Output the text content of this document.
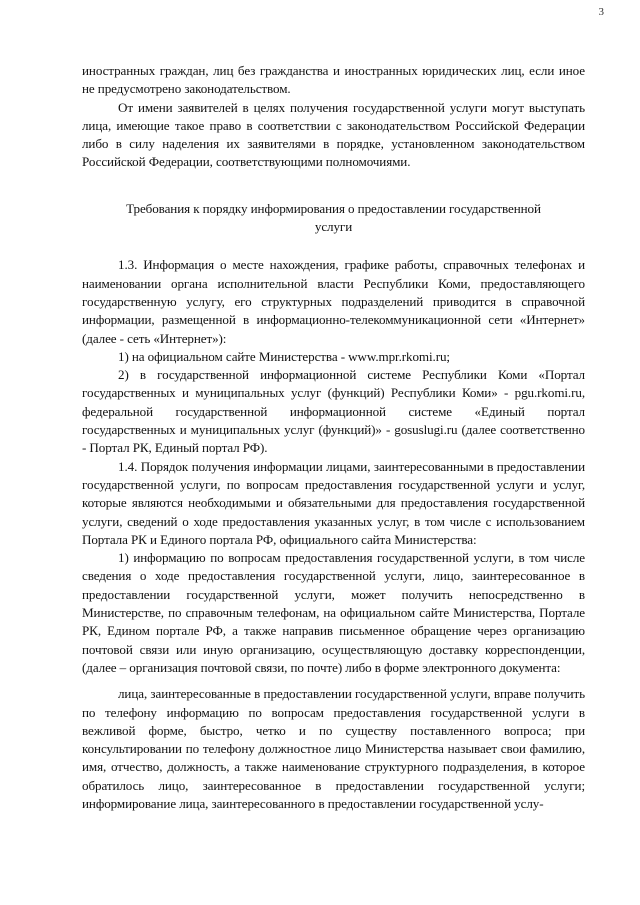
3

иностранных граждан, лиц без гражданства и иностранных юридических лиц, если иное не предусмотрено законодательством.

От имени заявителей в целях получения государственной услуги могут выступать лица, имеющие такое право в соответствии с законодательством Российской Федерации либо в силу наделения их заявителями в порядке, установленном законодательством Российской Федерации, соответствующими полномочиями.

Требования к порядку информирования о предоставлении государственной услуги

1.3. Информация о месте нахождения, графике работы, справочных телефонах и наименовании органа исполнительной власти Республики Коми, предоставляющего государственную услугу, его структурных подразделений приводится в справочной информации, размещенной в информационно-телекоммуникационной сети «Интернет» (далее - сеть «Интернет»):

1) на официальном сайте Министерства - www.mpr.rkomi.ru;

2) в государственной информационной системе Республики Коми «Портал государственных и муниципальных услуг (функций) Республики Коми» - pgu.rkomi.ru, федеральной государственной информационной системе «Единый портал государственных и муниципальных услуг (функций)» - gosuslugi.ru (далее соответственно - Портал РК, Единый портал РФ).

1.4. Порядок получения информации лицами, заинтересованными в предоставлении государственной услуги, по вопросам предоставления государственной услуги и услуг, которые являются необходимыми и обязательными для предоставления государственной услуги, сведений о ходе предоставления указанных услуг, в том числе с использованием Портала РК и Единого портала РФ, официального сайта Министерства:

1) информацию по вопросам предоставления государственной услуги, в том числе сведения о ходе предоставления государственной услуги, лицо, заинтересованное в предоставлении государственной услуги, может получить непосредственно в Министерстве, по справочным телефонам, на официальном сайте Министерства, Портале РК, Едином портале РФ, а также направив письменное обращение через организацию почтовой связи или иную организацию, осуществляющую доставку корреспонденции, (далее – организация почтовой связи, по почте) либо в форме электронного документа:

лица, заинтересованные в предоставлении государственной услуги, вправе получить по телефону информацию по вопросам предоставления государственной услуги в вежливой форме, быстро, четко и по существу поставленного вопроса; при консультировании по телефону должностное лицо Министерства называет свои фамилию, имя, отчество, должность, а также наименование структурного подразделения, в которое обратилось лицо, заинтересованное в предоставлении государственной услуги; информирование лица, заинтересованного в предоставлении государственной услу-
